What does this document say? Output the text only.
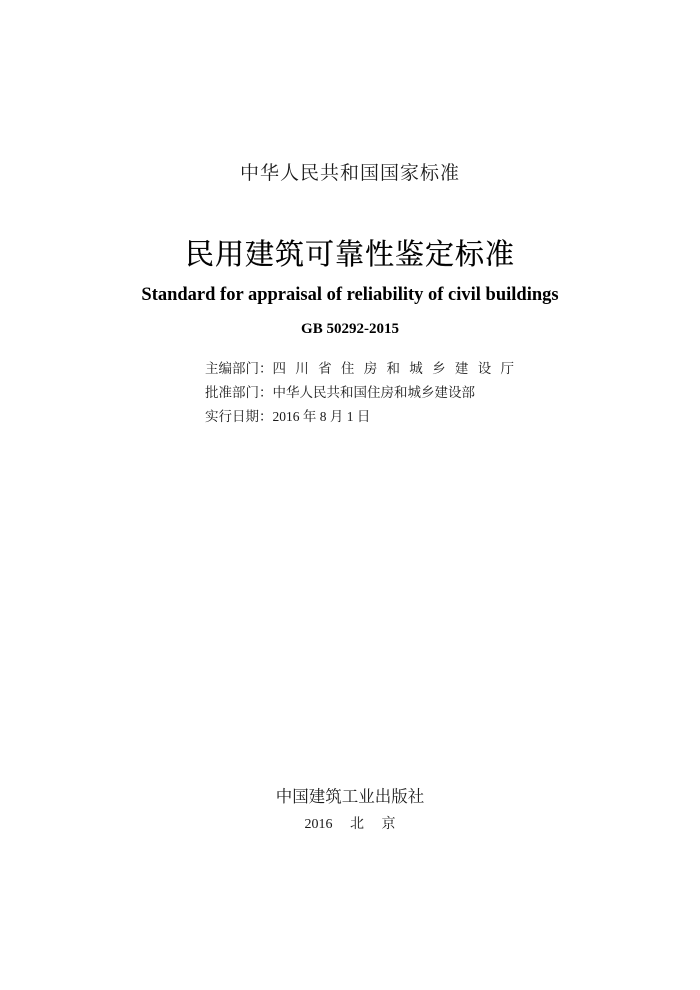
中华人民共和国国家标准
民用建筑可靠性鉴定标准
Standard for appraisal of reliability of civil buildings
GB 50292-2015
主编部门：四川省住房和城乡建设厅
批准部门：中华人民共和国住房和城乡建设部
实行日期：2016 年 8 月 1 日
中国建筑工业出版社
2016 北 京
